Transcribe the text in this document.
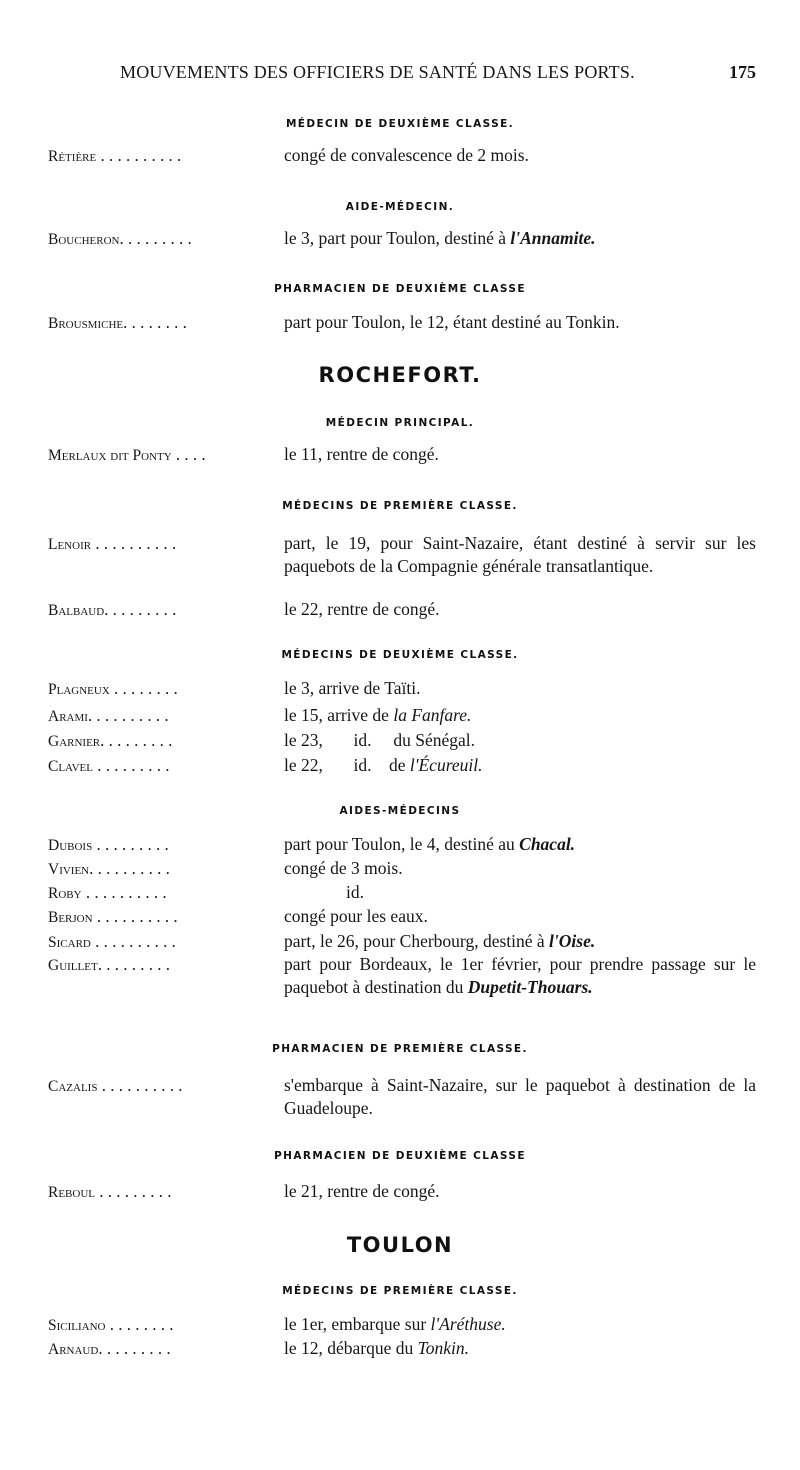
MOUVEMENTS DES OFFICIERS DE SANTÉ DANS LES PORTS.	175
MÉDECIN DE DEUXIÈME CLASSE.
Rétière . . . . . . . . . .	congé de convalescence de 2 mois.
AIDE-MÉDECIN.
Boucheron. . . . . . . . .	le 3, part pour Toulon, destiné à l'Annamite.
PHARMACIEN DE DEUXIÈME CLASSE
Brousmiche. . . . . . . .	part pour Toulon, le 12, étant destiné au Tonkin.
ROCHEFORT.
MÉDECIN PRINCIPAL.
Merlaux dit Ponty . . . .	le 11, rentre de congé.
MÉDECINS DE PREMIÈRE CLASSE.
Lenoir . . . . . . . . . .	part, le 19, pour Saint-Nazaire, étant destiné à servir sur les paquebots de la Compagnie générale transatlantique.
Balbaud. . . . . . . . .	le 22, rentre de congé.
MÉDECINS DE DEUXIÈME CLASSE.
Plagneux . . . . . . . .	le 3, arrive de Taïti.
Arami. . . . . . . . . .	le 15, arrive de la Fanfare.
Garnier. . . . . . . . .	le 23,       id.     du Sénégal.
Clavel . . . . . . . . .	le 22,       id.    de l'Écureuil.
AIDES-MÉDECINS
Dubois . . . . . . . . .	part pour Toulon, le 4, destiné au Chacal.
Vivien. . . . . . . . . .	congé de 3 mois.
Roby . . . . . . . . . .	id.
Berjon . . . . . . . . . .	congé pour les eaux.
Sicard . . . . . . . . . .	part, le 26, pour Cherbourg, destiné à l'Oise.
Guillet. . . . . . . . .	part pour Bordeaux, le 1er février, pour prendre passage sur le paquebot à destination du Dupetit-Thouars.
PHARMACIEN DE PREMIÈRE CLASSE.
Cazalis . . . . . . . . . .	s'embarque à Saint-Nazaire, sur le paquebot à destination de la Guadeloupe.
PHARMACIEN DE DEUXIÈME CLASSE
Reboul . . . . . . . . .	le 21, rentre de congé.
TOULON
MÉDECINS DE PREMIÈRE CLASSE.
Siciliano . . . . . . . .	le 1er, embarque sur l'Aréthuse.
Arnaud. . . . . . . . .	le 12, débarque du Tonkin.
